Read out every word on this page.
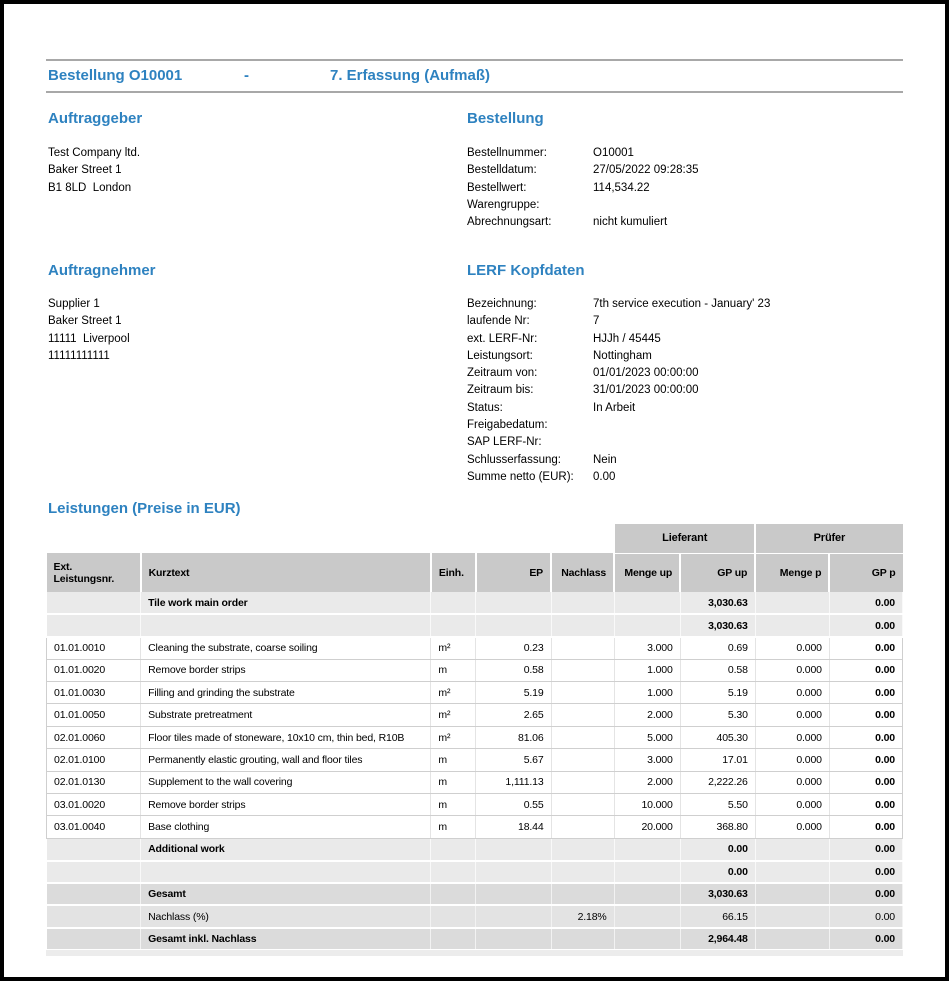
Bestellung O10001	-	7. Erfassung (Aufmaß)
Auftraggeber
Test Company ltd.
Baker Street 1
B1 8LD  London
Bestellung
Bestellnummer:	O10001
Bestelldatum:	27/05/2022 09:28:35
Bestellwert:	114,534.22
Warengruppe:
Abrechnungsart:	nicht kumuliert
Auftragnehmer
Supplier 1
Baker Street 1
11111  Liverpool
11111111111
LERF Kopfdaten
Bezeichnung:	7th service execution - January' 23
laufende Nr:	7
ext. LERF-Nr:	HJJh / 45445
Leistungsort:	Nottingham
Zeitraum von:	01/01/2023 00:00:00
Zeitraum bis:	31/01/2023 00:00:00
Status:	In Arbeit
Freigabedatum:
SAP LERF-Nr:
Schlusserfassung:	Nein
Summe netto (EUR):	0.00
Leistungen (Preise in EUR)
					Lieferant		Prüfer	
Ext. Leistungsnr.	Kurztext	Einh.	EP	Nachlass	Menge up	GP up	Menge p	GP p
	Tile work main order					3,030.63		0.00
						3,030.63		0.00
01.01.0010	Cleaning the substrate, coarse soiling	m²	0.23		3.000	0.69	0.000	0.00
01.01.0020	Remove border strips	m	0.58		1.000	0.58	0.000	0.00
01.01.0030	Filling and grinding the substrate	m²	5.19		1.000	5.19	0.000	0.00
01.01.0050	Substrate pretreatment	m²	2.65		2.000	5.30	0.000	0.00
02.01.0060	Floor tiles made of stoneware, 10x10 cm, thin bed, R10B	m²	81.06		5.000	405.30	0.000	0.00
02.01.0100	Permanently elastic grouting, wall and floor tiles	m	5.67		3.000	17.01	0.000	0.00
02.01.0130	Supplement to the wall covering	m	1,111.13		2.000	2,222.26	0.000	0.00
03.01.0020	Remove border strips	m	0.55		10.000	5.50	0.000	0.00
03.01.0040	Base clothing	m	18.44		20.000	368.80	0.000	0.00
	Additional work					0.00		0.00
						0.00		0.00
	Gesamt					3,030.63		0.00
	Nachlass (%)			2.18%		66.15		0.00
	Gesamt inkl. Nachlass					2,964.48		0.00
